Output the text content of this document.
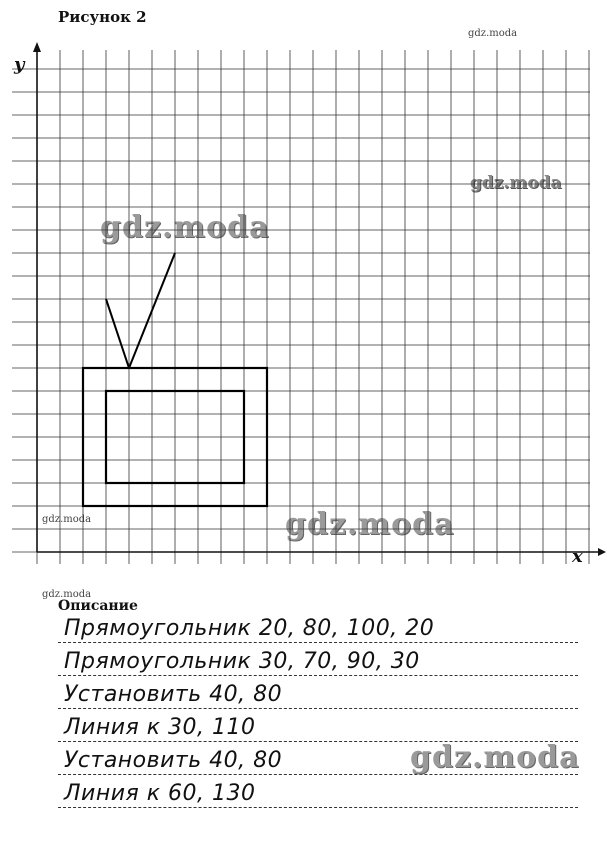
Рисунок 2
gdz.moda
gdz.moda
gdz.moda
gdz.moda
gdz.moda
gdz.moda
y
x
Описание
Прямоугольник 20, 80, 100, 20
Прямоугольник 30, 70, 90, 30
Установить 40, 80
Линия к 30, 110
Установить 40, 80
Линия к 60, 130
gdz.moda
